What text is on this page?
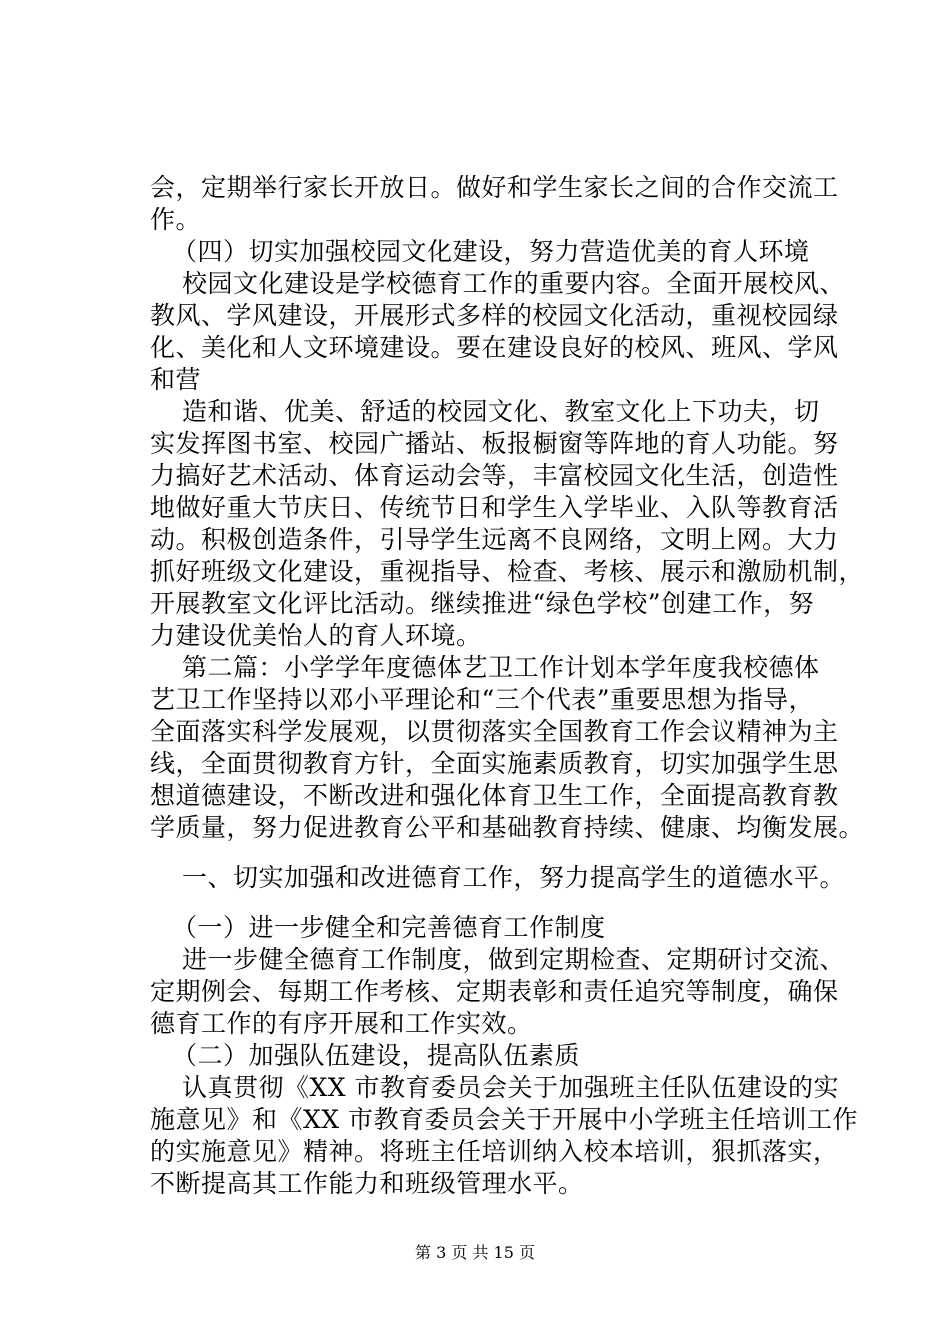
会，定期举行家长开放日。做好和学生家长之间的合作交流工
作。
（四）切实加强校园文化建设，努力营造优美的育人环境
校园文化建设是学校德育工作的重要内容。全面开展校风、
教风、学风建设，开展形式多样的校园文化活动，重视校园绿
化、美化和人文环境建设。要在建设良好的校风、班风、学风
和营
造和谐、优美、舒适的校园文化、教室文化上下功夫，切
实发挥图书室、校园广播站、板报橱窗等阵地的育人功能。努
力搞好艺术活动、体育运动会等，丰富校园文化生活，创造性
地做好重大节庆日、传统节日和学生入学毕业、入队等教育活
动。积极创造条件，引导学生远离不良网络，文明上网。大力
抓好班级文化建设，重视指导、检查、考核、展示和激励机制，
开展教室文化评比活动。继续推进“绿色学校”创建工作，努
力建设优美怡人的育人环境。
第二篇：小学学年度德体艺卫工作计划本学年度我校德体
艺卫工作坚持以邓小平理论和“三个代表”重要思想为指导，
全面落实科学发展观，以贯彻落实全国教育工作会议精神为主
线，全面贯彻教育方针，全面实施素质教育，切实加强学生思
想道德建设，不断改进和强化体育卫生工作，全面提高教育教
学质量，努力促进教育公平和基础教育持续、健康、均衡发展。
一、切实加强和改进德育工作，努力提高学生的道德水平。
（一）进一步健全和完善德育工作制度
进一步健全德育工作制度，做到定期检查、定期研讨交流、
定期例会、每期工作考核、定期表彰和责任追究等制度，确保
德育工作的有序开展和工作实效。
（二）加强队伍建设，提高队伍素质
认真贯彻《XX 市教育委员会关于加强班主任队伍建设的实
施意见》和《XX 市教育委员会关于开展中小学班主任培训工作
的实施意见》精神。将班主任培训纳入校本培训，狠抓落实，
不断提高其工作能力和班级管理水平。
第 3 页 共 15 页
